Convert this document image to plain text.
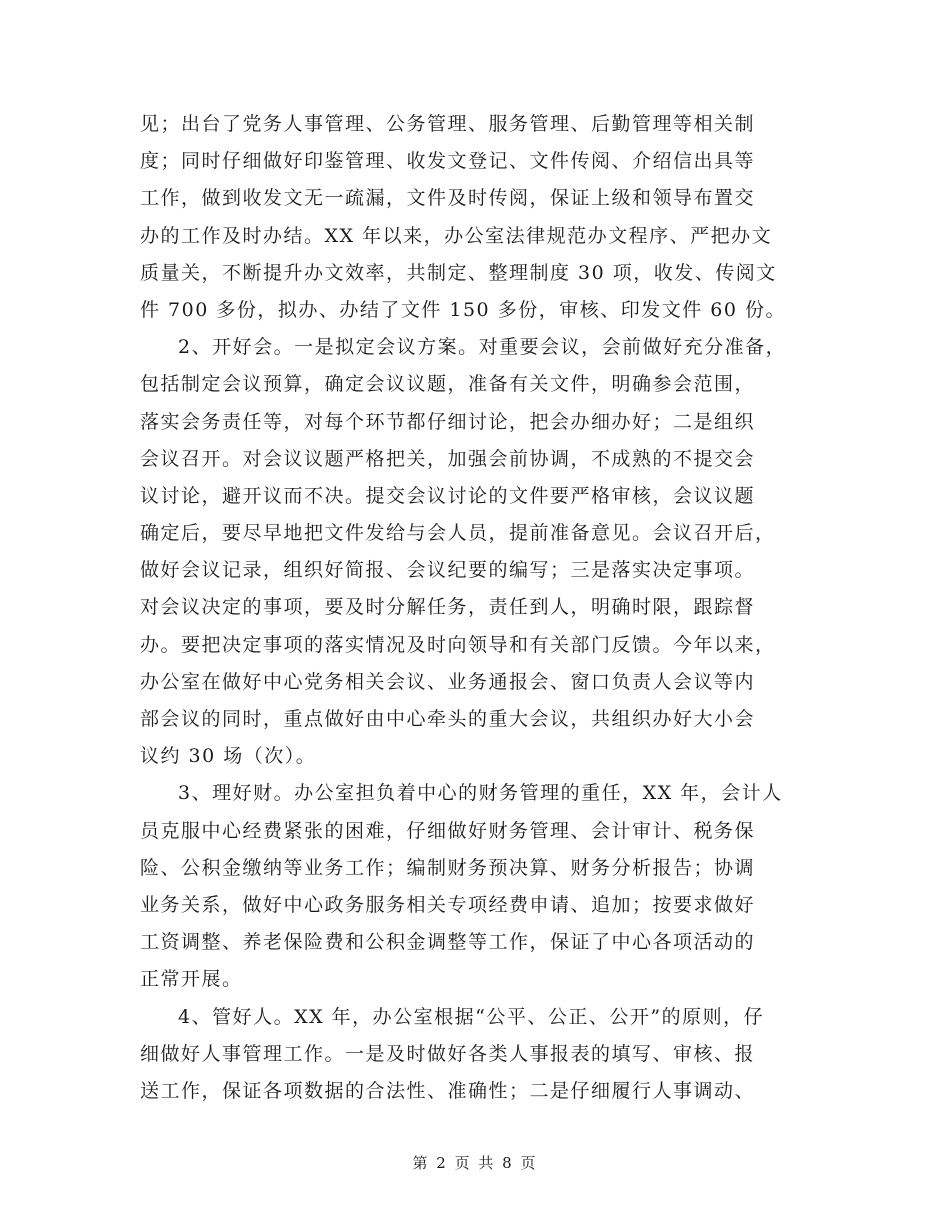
见；出台了党务人事管理、公务管理、服务管理、后勤管理等相关制
度；同时仔细做好印鉴管理、收发文登记、文件传阅、介绍信出具等
工作，做到收发文无一疏漏，文件及时传阅，保证上级和领导布置交
办的工作及时办结。XX 年以来，办公室法律规范办文程序、严把办文
质量关，不断提升办文效率，共制定、整理制度 30 项，收发、传阅文
件 700 多份，拟办、办结了文件 150 多份，审核、印发文件 60 份。
2、开好会。一是拟定会议方案。对重要会议，会前做好充分准备，
包括制定会议预算，确定会议议题，准备有关文件，明确参会范围，
落实会务责任等，对每个环节都仔细讨论，把会办细办好；二是组织
会议召开。对会议议题严格把关，加强会前协调，不成熟的不提交会
议讨论，避开议而不决。提交会议讨论的文件要严格审核，会议议题
确定后，要尽早地把文件发给与会人员，提前准备意见。会议召开后，
做好会议记录，组织好简报、会议纪要的编写；三是落实决定事项。
对会议决定的事项，要及时分解任务，责任到人，明确时限，跟踪督
办。要把决定事项的落实情况及时向领导和有关部门反馈。今年以来，
办公室在做好中心党务相关会议、业务通报会、窗口负责人会议等内
部会议的同时，重点做好由中心牵头的重大会议，共组织办好大小会
议约 30 场（次）。
3、理好财。办公室担负着中心的财务管理的重任，XX 年，会计人
员克服中心经费紧张的困难，仔细做好财务管理、会计审计、税务保
险、公积金缴纳等业务工作；编制财务预决算、财务分析报告；协调
业务关系，做好中心政务服务相关专项经费申请、追加；按要求做好
工资调整、养老保险费和公积金调整等工作，保证了中心各项活动的
正常开展。
4、管好人。XX 年，办公室根据“公平、公正、公开”的原则，仔
细做好人事管理工作。一是及时做好各类人事报表的填写、审核、报
送工作，保证各项数据的合法性、准确性；二是仔细履行人事调动、
第 2 页 共 8 页
